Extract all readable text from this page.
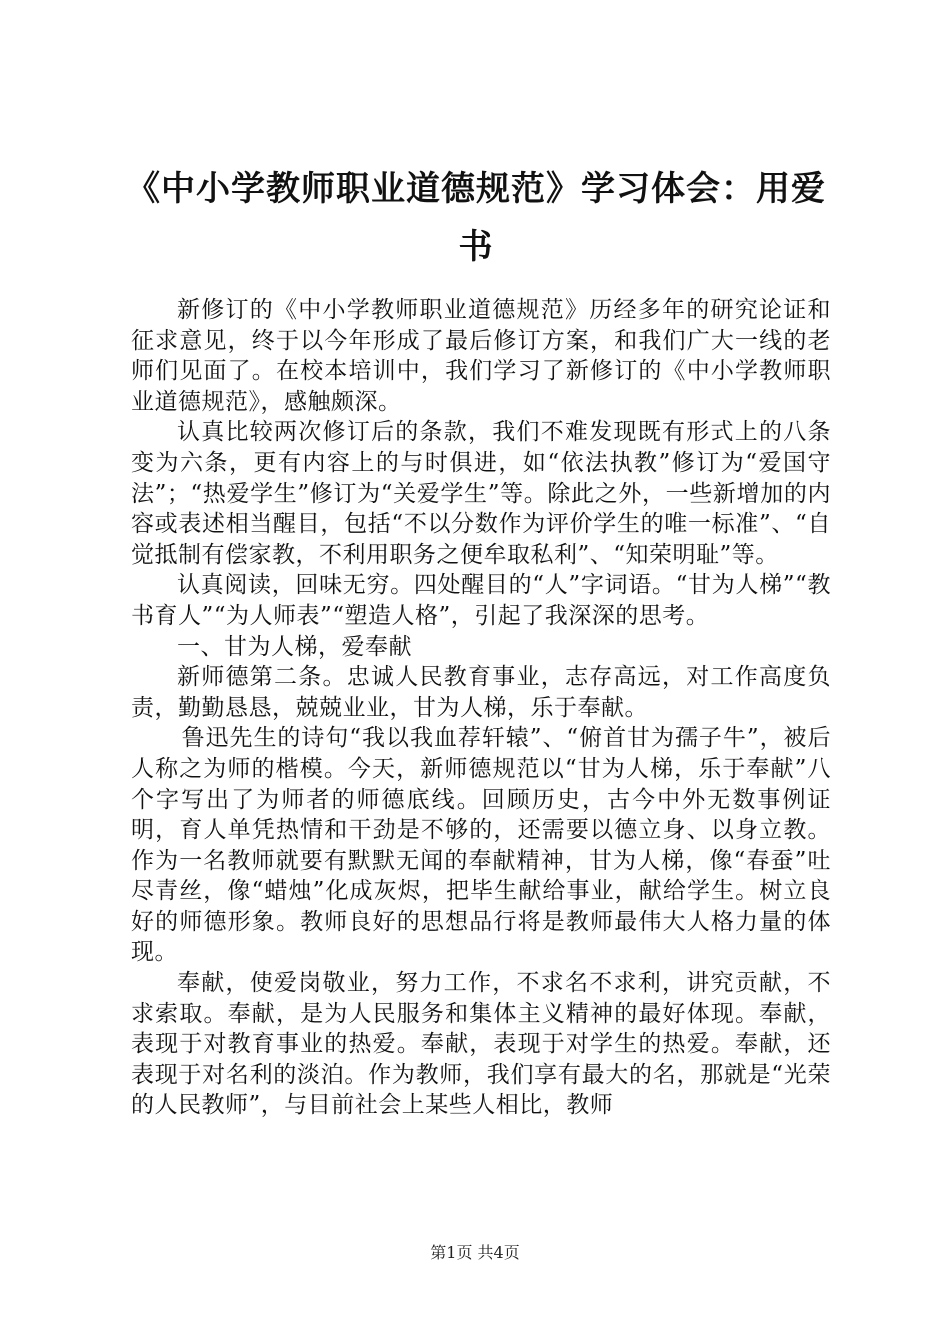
《中小学教师职业道德规范》学习体会：用爱书

新修订的《中小学教师职业道德规范》历经多年的研究论证和征求意见，终于以今年形成了最后修订方案，和我们广大一线的老师们见面了。在校本培训中，我们学习了新修订的《中小学教师职业道德规范》，感触颇深。

认真比较两次修订后的条款，我们不难发现既有形式上的八条变为六条，更有内容上的与时俱进，如“依法执教”修订为“爱国守法”；“热爱学生”修订为“关爱学生”等。除此之外，一些新增加的内容或表述相当醒目，包括“不以分数作为评价学生的唯一标准”、“自觉抵制有偿家教，不利用职务之便牟取私利”、“知荣明耻”等。

认真阅读，回味无穷。四处醒目的“人”字词语。“甘为人梯”“教书育人”“为人师表”“塑造人格”，引起了我深深的思考。

一、甘为人梯，爱奉献

新师德第二条。忠诚人民教育事业，志存高远，对工作高度负责，勤勤恳恳，兢兢业业，甘为人梯，乐于奉献。

鲁迅先生的诗句“我以我血荐轩辕”、“俯首甘为孺子牛”，被后人称之为师的楷模。今天，新师德规范以“甘为人梯，乐于奉献”八个字写出了为师者的师德底线。回顾历史，古今中外无数事例证明，育人单凭热情和干劲是不够的，还需要以德立身、以身立教。作为一名教师就要有默默无闻的奉献精神，甘为人梯，像“春蚕”吐尽青丝，像“蜡烛”化成灰烬，把毕生献给事业，献给学生。树立良好的师德形象。教师良好的思想品行将是教师最伟大人格力量的体现。

奉献，使爱岗敬业，努力工作，不求名不求利，讲究贡献，不求索取。奉献，是为人民服务和集体主义精神的最好体现。奉献，表现于对教育事业的热爱。奉献，表现于对学生的热爱。奉献，还表现于对名利的淡泊。作为教师，我们享有最大的名，那就是“光荣的人民教师”，与目前社会上某些人相比，教师

第1页 共4页
